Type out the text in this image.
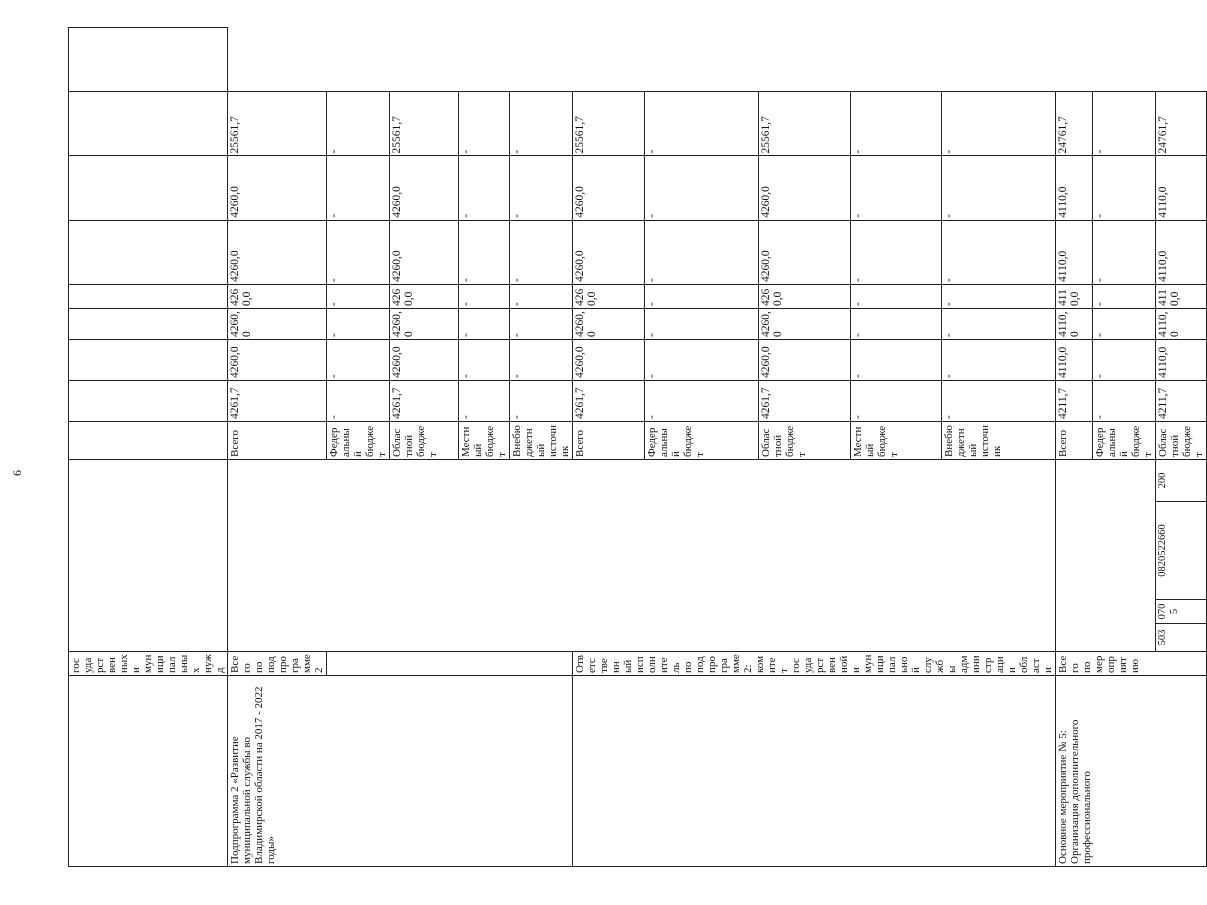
6
	государственных и муниципальных нужд													
Подпрограмма 2 «Развитие муниципальной службы во Владимирской области на 2017 - 2022 годы»	Всего по подпрограмме 2					Всего	4261,7	4260,0	4260,0	4260,0	4260,0	4260,0	25561,7	
						Федеральный бюджет	-	-	-	-	-	-	-	
						Областной бюджет	4261,7	4260,0	4260,0	4260,0	4260,0	4260,0	25561,7	
						Местный бюджет	-	-	-	-	-	-	-	
						Внебюджетный источник	-	-	-	-	-	-	-	
	Ответственный исполнитель по подпрограмме 2: комитет государственной и муниципальной службы администрации области					Всего	4261,7	4260,0	4260,0	4260,0	4260,0	4260,0	25561,7	
						Федеральный бюджет	-	-	-	-	-	-	-	
						Областной бюджет	4261,7	4260,0	4260,0	4260,0	4260,0	4260,0	25561,7	
						Местный бюджет	-	-	-	-	-	-	-	
						Внебюджетный источник	-	-	-	-	-	-	-	
Основное мероприятие № 5: Организация дополнительного профессионального	Всего по мероприятию					Всего	4211,7	4110,0	4110,0	4110,0	4110,0	4110,0	24761,7	
						Федеральный бюджет	-	-	-	-	-	-	-	
		503	0705	0820522660	200	Областной бюджет	4211,7	4110,0	4110,0	4110,0	4110,0	4110,0	24761,7	
